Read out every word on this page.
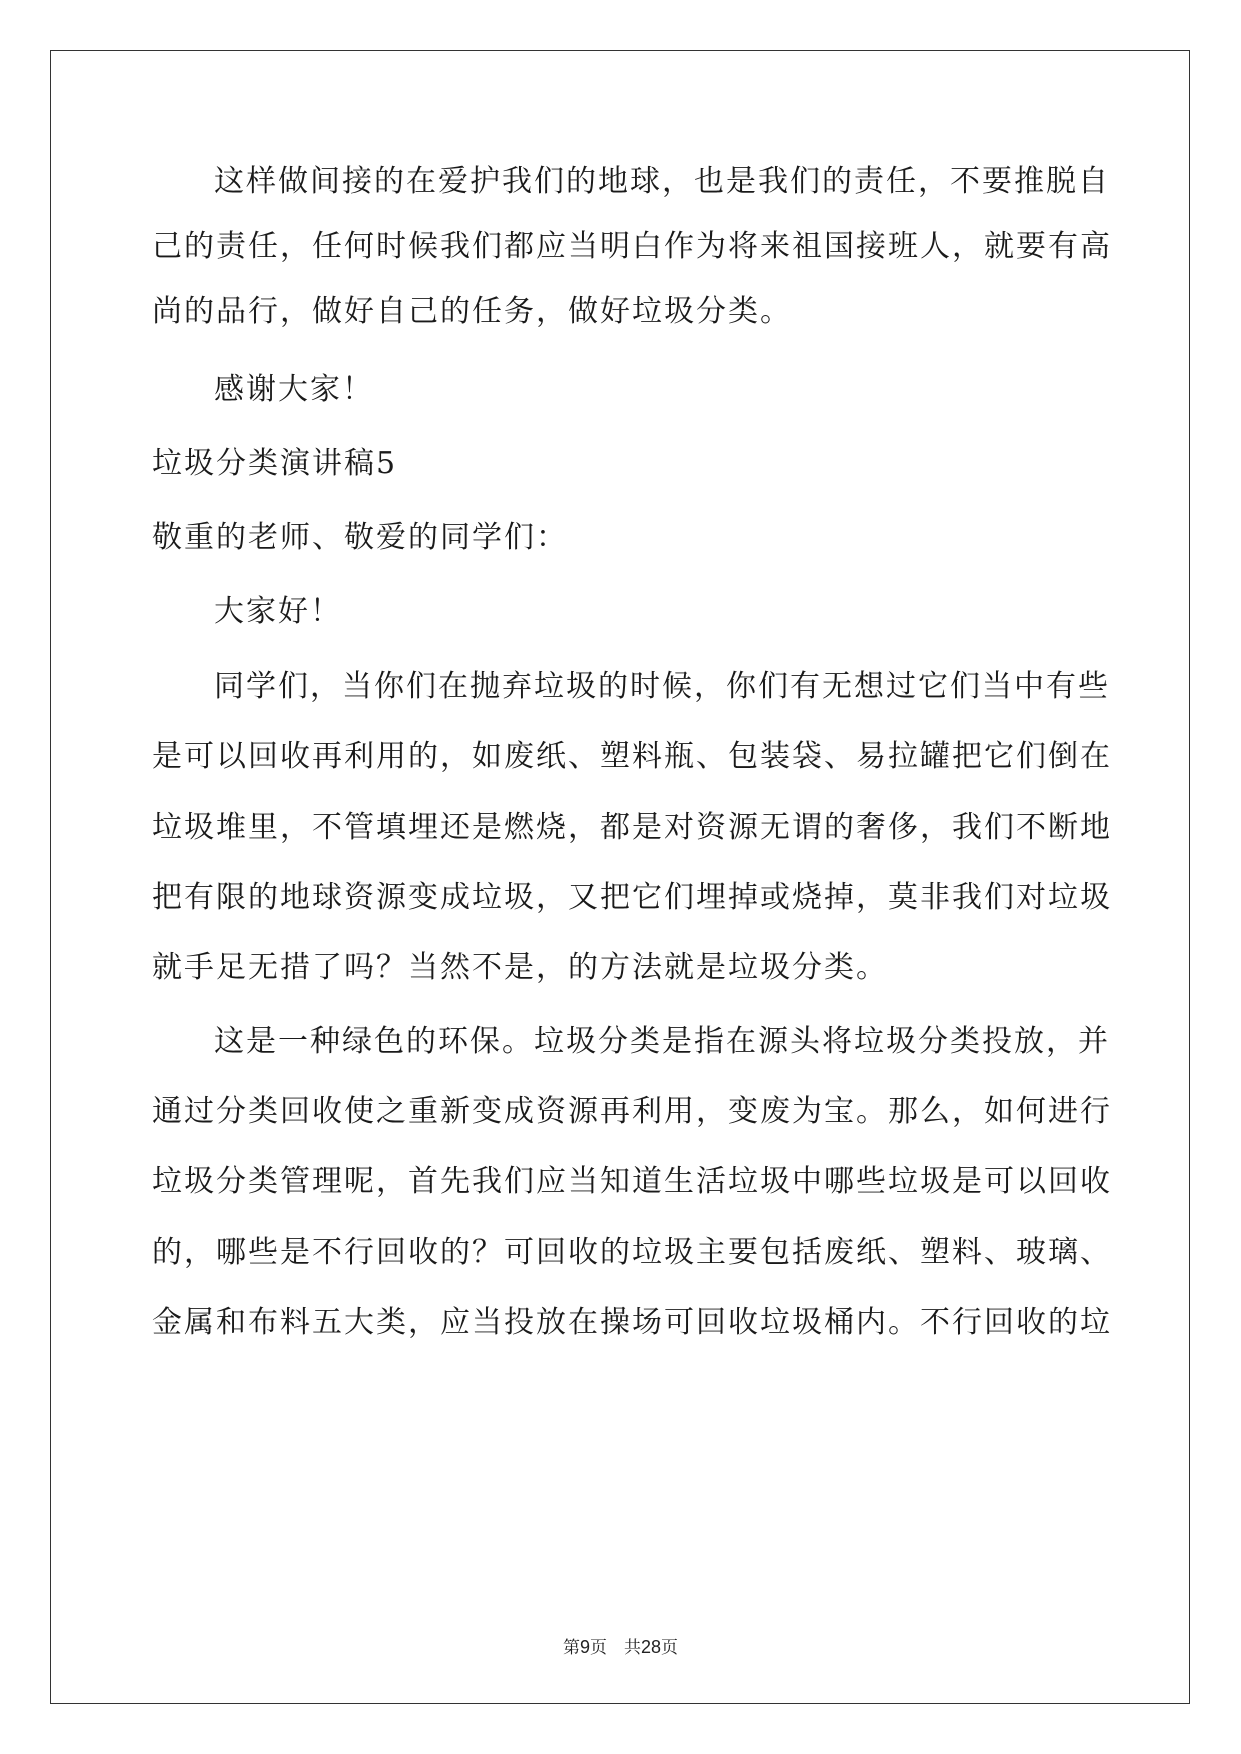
这样做间接的在爱护我们的地球，也是我们的责任，不要推脱自
己的责任，任何时候我们都应当明白作为将来祖国接班人，就要有高
尚的品行，做好自己的任务，做好垃圾分类。
感谢大家！
垃圾分类演讲稿5
敬重的老师、敬爱的同学们：
大家好！
同学们，当你们在抛弃垃圾的时候，你们有无想过它们当中有些
是可以回收再利用的，如废纸、塑料瓶、包装袋、易拉罐把它们倒在
垃圾堆里，不管填埋还是燃烧，都是对资源无谓的奢侈，我们不断地
把有限的地球资源变成垃圾，又把它们埋掉或烧掉，莫非我们对垃圾
就手足无措了吗？当然不是，的方法就是垃圾分类。
这是一种绿色的环保。垃圾分类是指在源头将垃圾分类投放，并
通过分类回收使之重新变成资源再利用，变废为宝。那么，如何进行
垃圾分类管理呢，首先我们应当知道生活垃圾中哪些垃圾是可以回收
的，哪些是不行回收的？可回收的垃圾主要包括废纸、塑料、玻璃、
金属和布料五大类，应当投放在操场可回收垃圾桶内。不行回收的垃
第9页　共28页
